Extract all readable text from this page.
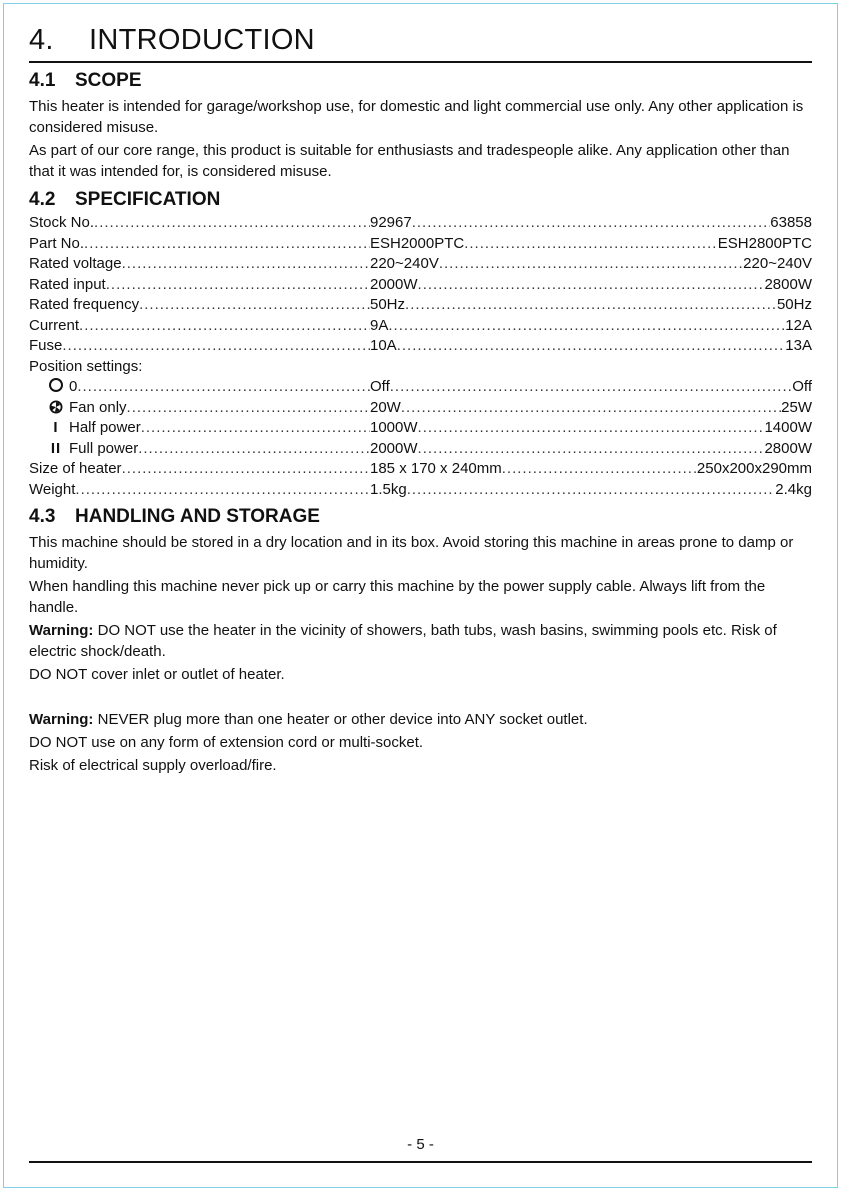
4. INTRODUCTION
4.1 SCOPE

This heater is intended for garage/workshop use, for domestic and light commercial use only. Any other application is considered misuse.

As part of our core range, this product is suitable for enthusiasts and tradespeople alike. Any application other than that it was intended for, is considered misuse.

4.2 SPECIFICATION
Stock No. .....	92967 .....	63858
Part No. .....	ESH2000PTC .....	ESH2800PTC
Rated voltage .....	220~240V .....	220~240V
Rated input .....	2000W .....	2800W
Rated frequency .....	50Hz .....	50Hz
Current .....	9A .....	12A
Fuse .....	10A .....	13A
Position settings:
0 .....	Off .....	Off
Fan only .....	20W .....	25W
I Half power .....	1000W .....	1400W
II Full power .....	2000W .....	2800W
Size of heater .....	185 x 170 x 240mm .....	250x200x290mm
Weight .....	1.5kg .....	2.4kg
4.3 HANDLING AND STORAGE

This machine should be stored in a dry location and in its box. Avoid storing this machine in areas prone to damp or humidity.

When handling this machine never pick up or carry this machine by the power supply cable. Always lift from the handle.

Warning: DO NOT use the heater in the vicinity of showers, bath tubs, wash basins, swimming pools etc. Risk of electric shock/death.

DO NOT cover inlet or outlet of heater.

Warning: NEVER plug more than one heater or other device into ANY socket outlet.

DO NOT use on any form of extension cord or multi-socket.

Risk of electrical supply overload/fire.

- 5 -
